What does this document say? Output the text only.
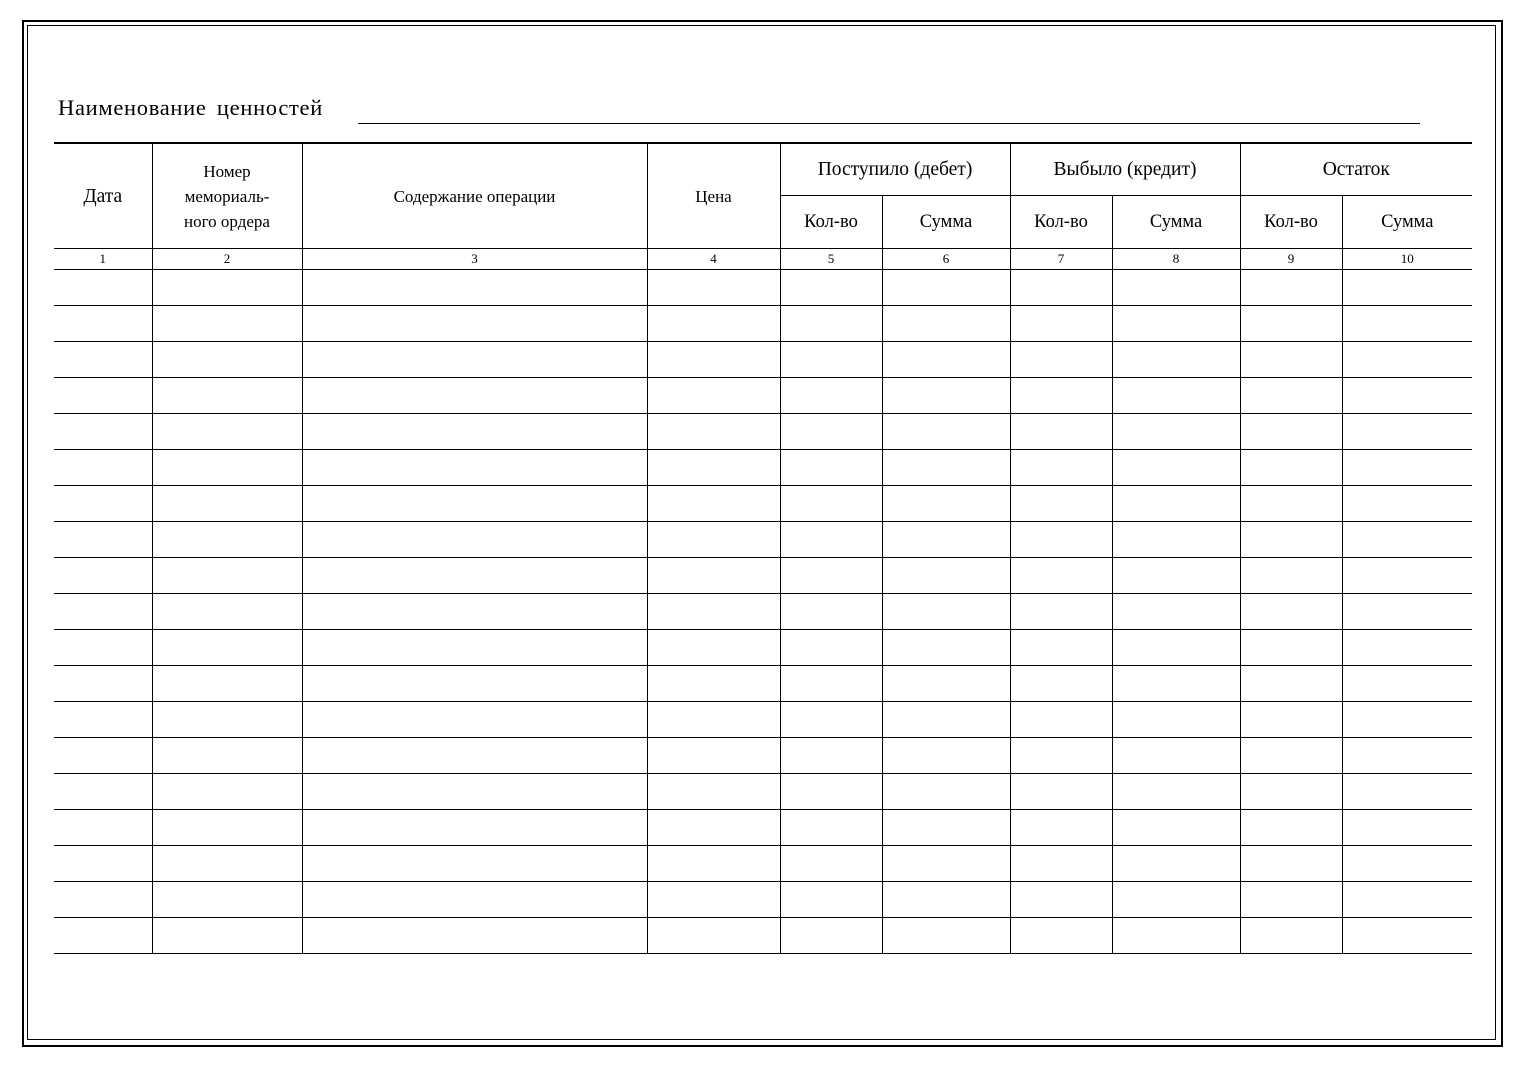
Наименование ценностей
Дата	Номер мемориаль-ного ордера	Содержание операции	Цена	Поступило (дебет)		Выбыло (кредит)		Остаток	
				Кол-во	Сумма	Кол-во	Сумма	Кол-во	Сумма
1	2	3	4	5	6	7	8	9	10
